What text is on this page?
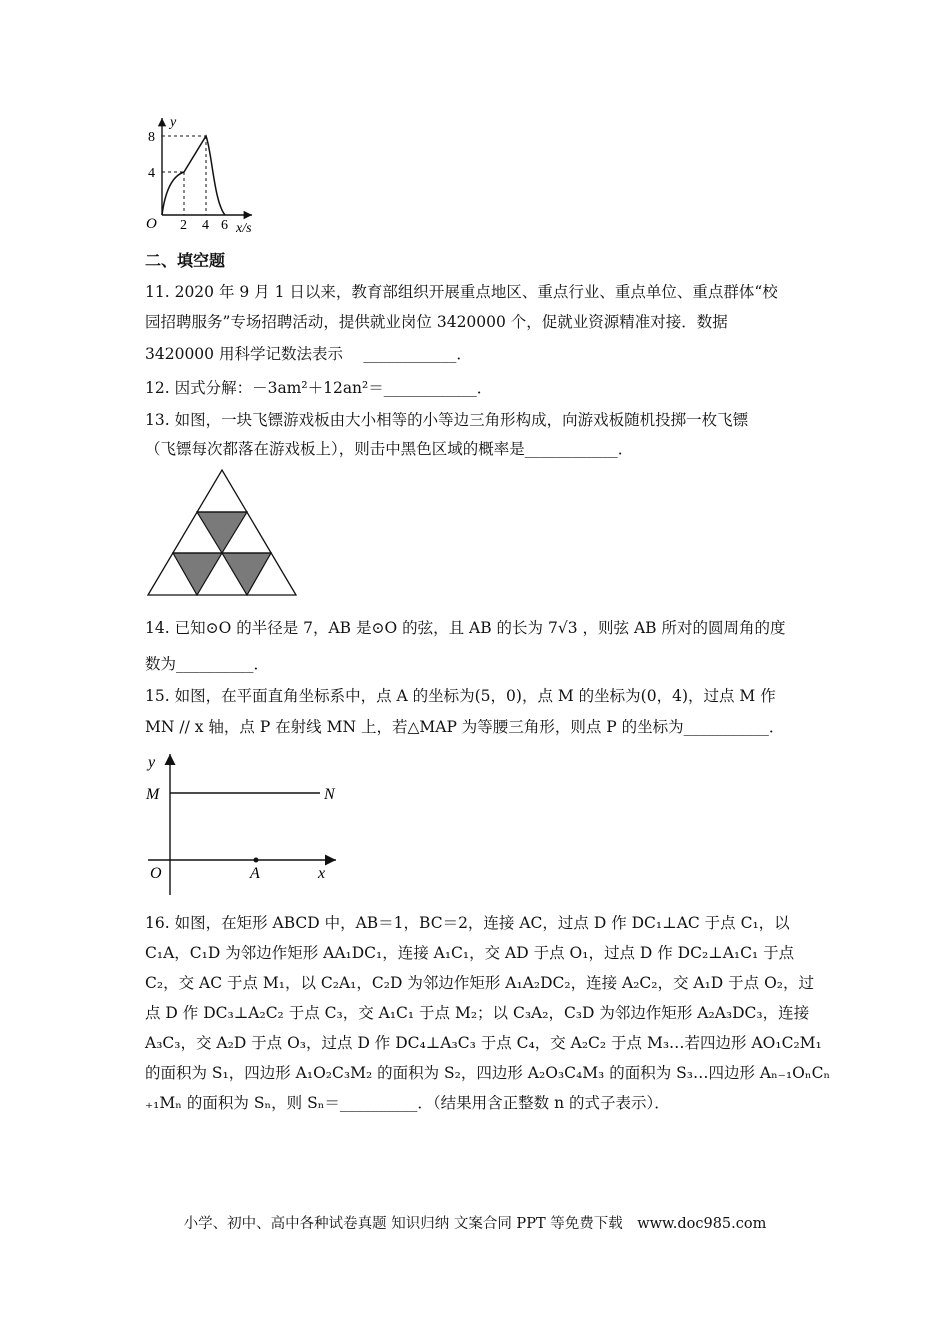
y
8
4
O 2 4 6 x/s
二、填空题
11. 2020 年 9 月 1 日以来，教育部组织开展重点地区、重点行业、重点单位、重点群体“校
园招聘服务”专场招聘活动，提供就业岗位 3420000 个，促就业资源精准对接．数据
3420000 用科学记数法表示　 ____________．
12. 因式分解：－3am²＋12an²＝____________．
13. 如图，一块飞镖游戏板由大小相等的小等边三角形构成，向游戏板随机投掷一枚飞镖
（飞镖每次都落在游戏板上），则击中黑色区域的概率是____________．
14. 已知⊙O 的半径是 7，AB 是⊙O 的弦，且 AB 的长为 7√3 ，则弦 AB 所对的圆周角的度
数为__________．
15. 如图，在平面直角坐标系中，点 A 的坐标为(5，0)，点 M 的坐标为(0，4)，过点 M 作
MN // x 轴，点 P 在射线 MN 上，若△MAP 为等腰三角形，则点 P 的坐标为___________．
y
M	N
O	A	x
16. 如图，在矩形 ABCD 中，AB＝1，BC＝2，连接 AC，过点 D 作 DC₁⊥AC 于点 C₁，以
C₁A，C₁D 为邻边作矩形 AA₁DC₁，连接 A₁C₁，交 AD 于点 O₁，过点 D 作 DC₂⊥A₁C₁ 于点
C₂，交 AC 于点 M₁，以 C₂A₁，C₂D 为邻边作矩形 A₁A₂DC₂，连接 A₂C₂，交 A₁D 于点 O₂，过
点 D 作 DC₃⊥A₂C₂ 于点 C₃，交 A₁C₁ 于点 M₂；以 C₃A₂，C₃D 为邻边作矩形 A₂A₃DC₃，连接
A₃C₃，交 A₂D 于点 O₃，过点 D 作 DC₄⊥A₃C₃ 于点 C₄，交 A₂C₂ 于点 M₃…若四边形 AO₁C₂M₁
的面积为 S₁，四边形 A₁O₂C₃M₂ 的面积为 S₂，四边形 A₂O₃C₄M₃ 的面积为 S₃…四边形 Aₙ₋₁OₙCₙ
₊₁Mₙ 的面积为 Sₙ，则 Sₙ＝__________．（结果用含正整数 n 的式子表示）．
小学、初中、高中各种试卷真题 知识归纳 文案合同 PPT 等免费下载　www.doc985.com
